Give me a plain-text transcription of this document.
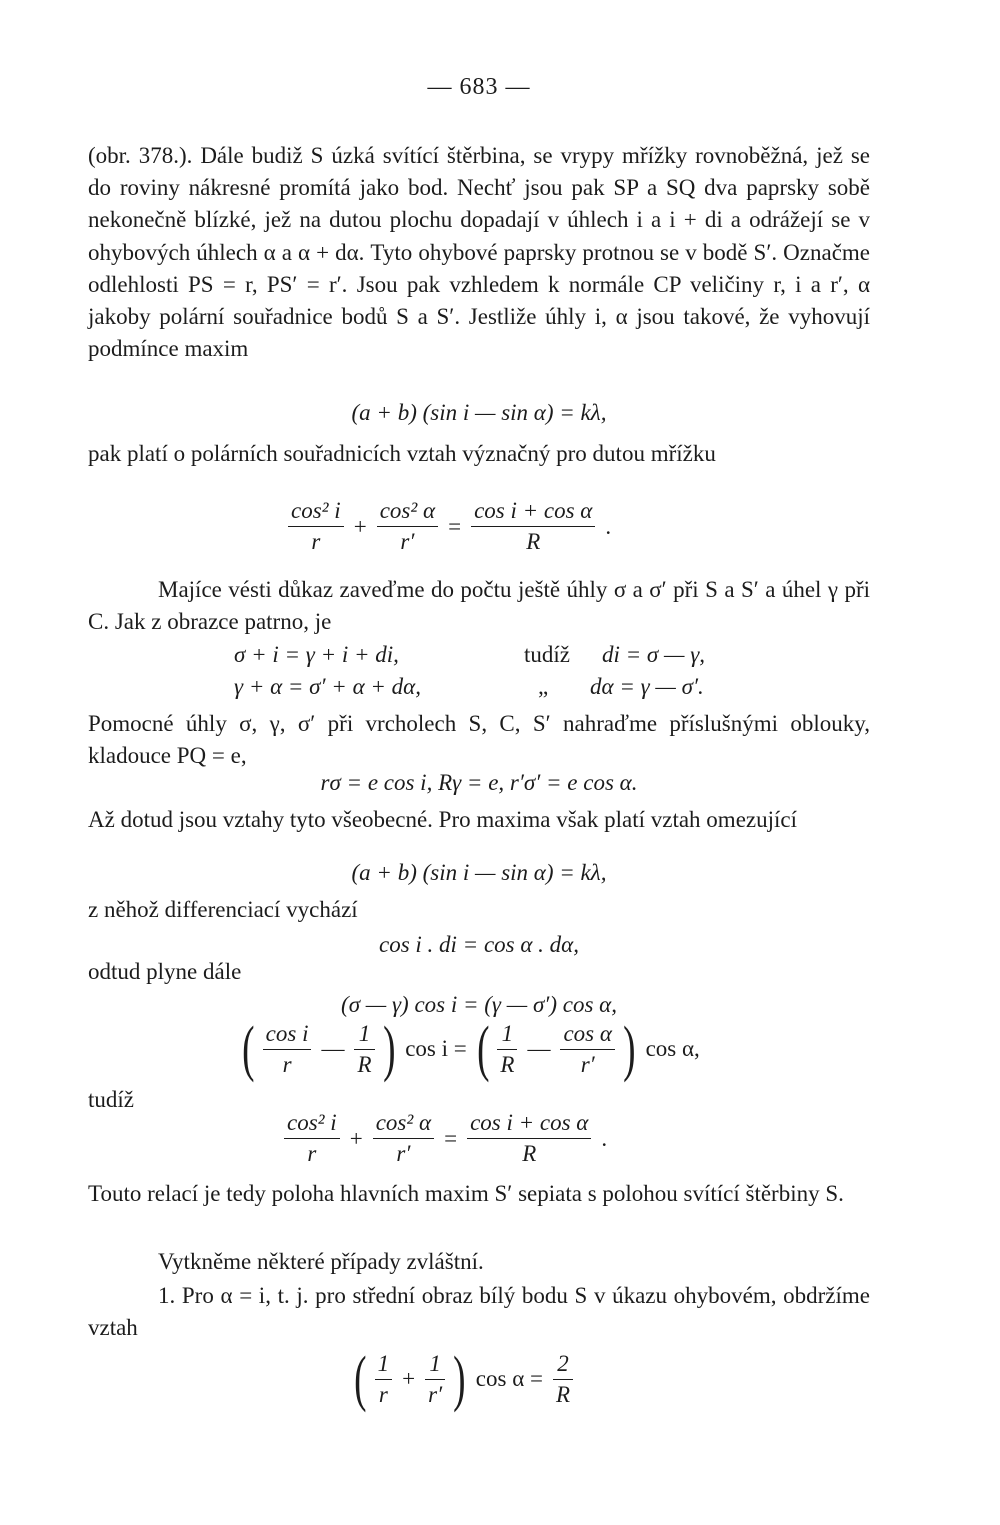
— 683 —

(obr. 378.). Dále budiž S úzká svítící štěrbina, se vrypy mřížky rovnoběžná, jež se do roviny nákresné promítá jako bod. Nechť jsou pak SP a SQ dva paprsky sobě nekonečně blízké, jež na dutou plochu dopadají v úhlech i a i + di a odrážejí se v ohybových úhlech α a α + dα. Tyto ohybové paprsky protnou se v bodě S′. Označme odlehlosti PS = r, PS′ = r′. Jsou pak vzhledem k normále CP veličiny r, i a r′, α jakoby polární souřadnice bodů S a S′. Jestliže úhly i, α jsou takové, že vyhovují podmínce maxim

(a + b) (sin i — sin α) = kλ,

pak platí o polárních souřadnicích vztah význačný pro dutou mřížku

$\frac{\text{cos² i}}{r} + \frac{\text{cos² α}}{r'} = \frac{\text{cos i + cos α}}{R}$ .

Majíce vésti důkaz zaveďme do počtu ještě úhly σ a σ′ při S a S′ a úhel γ při C. Jak z obrazce patrno, je

σ + i = γ + i + di,	tudíž di = σ — γ,
γ + α = σ′ + α + dα,	„ dα = γ — σ′.

Pomocné úhly σ, γ, σ′ při vrcholech S, C, S′ nahraďme příslušnými oblouky, kladouce PQ = e,

rσ = e cos i, Rγ = e, r′σ′ = e cos α.

Až dotud jsou vztahy tyto všeobecné. Pro maxima však platí vztah omezující

(a + b) (sin i — sin α) = kλ,

z něhož differenciací vychází

cos i . di = cos α . dα,

odtud plyne dále

(σ — γ) cos i = (γ — σ′) cos α,
( $\frac{\text{cos i}}{r}$ — $\frac{1}{R}$ ) cos i = ( $\frac{1}{R}$ — $\frac{\text{cos α}}{r'}$ ) cos α,

tudíž

$\frac{\text{cos² i}}{r} + \frac{\text{cos² α}}{r'} = \frac{\text{cos i + cos α}}{R}$ .

Touto relací je tedy poloha hlavních maxim S′ sepiata s polohou svítící štěrbiny S.

Vytkněme některé případy zvláštní.

1. Pro α = i, t. j. pro střední obraz bílý bodu S v úkazu ohybovém, obdržíme vztah

( $\frac{1}{r} + \frac{1}{r'}$ ) $\cos \alpha = \frac{2}{R}$
